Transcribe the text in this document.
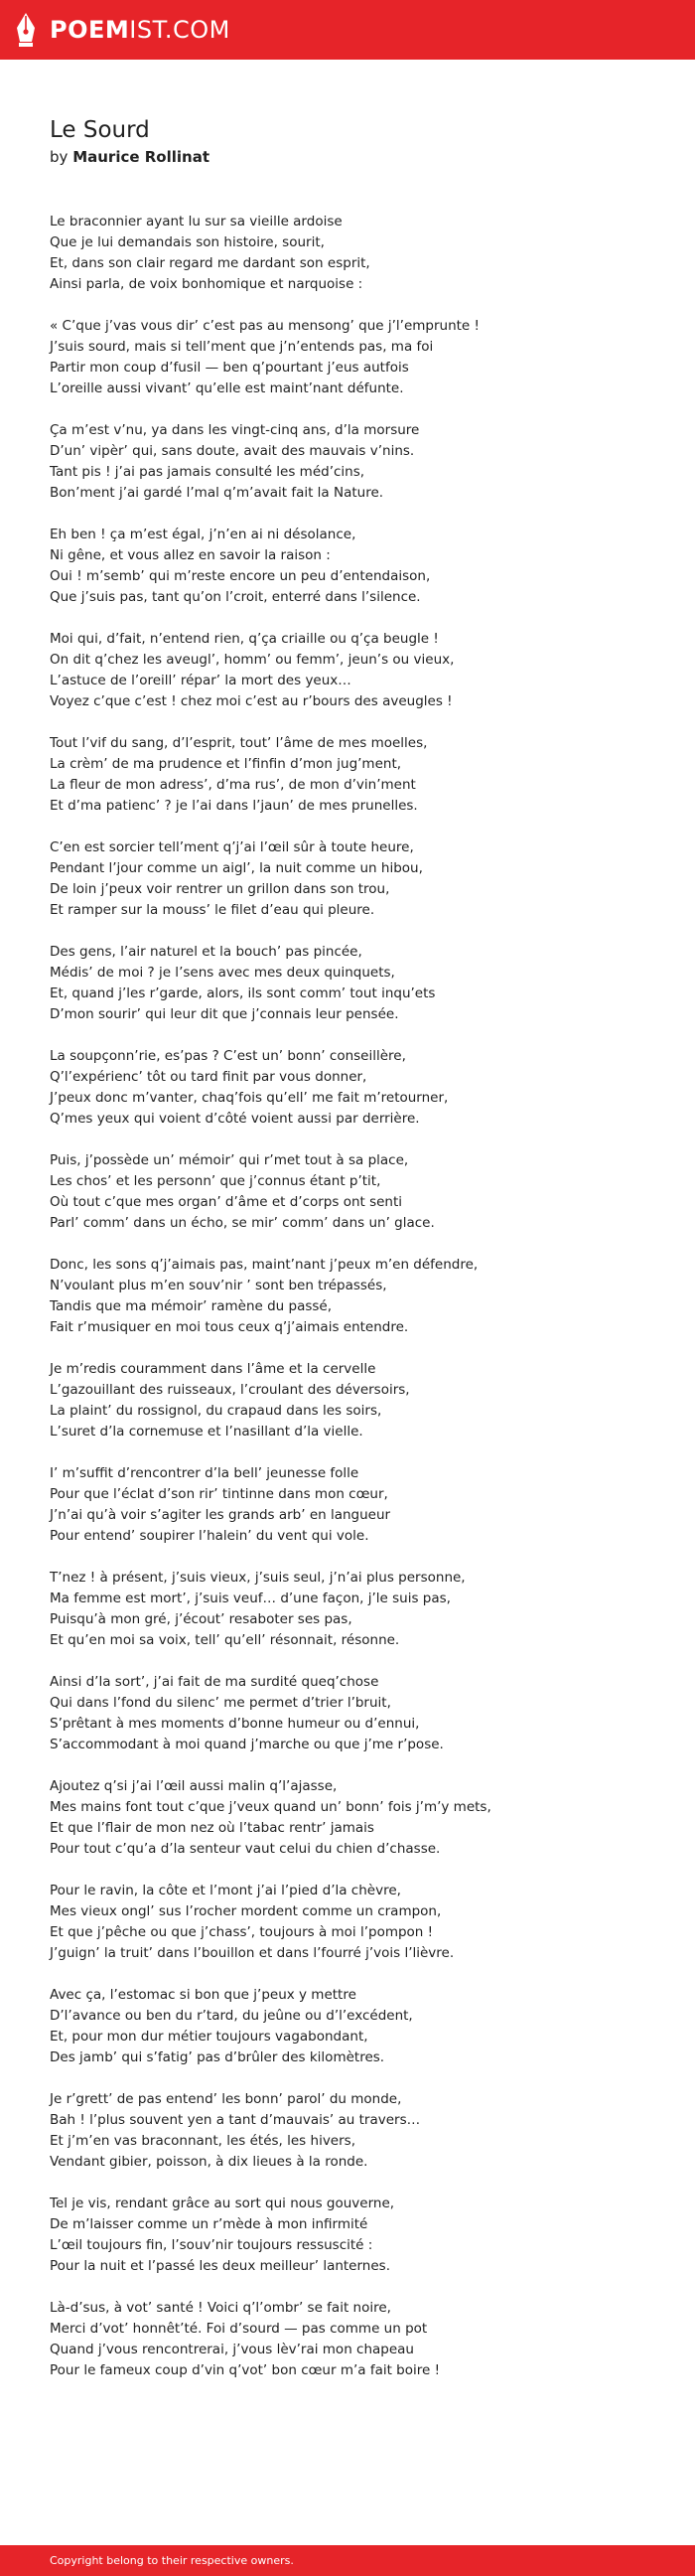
POEMIST.COM
Le Sourd
by Maurice Rollinat
Le braconnier ayant lu sur sa vieille ardoise
Que je lui demandais son histoire, sourit,
Et, dans son clair regard me dardant son esprit,
Ainsi parla, de voix bonhomique et narquoise :
« C’que j’vas vous dir’ c’est pas au mensong’ que j’l’emprunte !
J’suis sourd, mais si tell’ment que j’n’entends pas, ma foi
Partir mon coup d’fusil — ben q’pourtant j’eus autfois
L’oreille aussi vivant’ qu’elle est maint’nant défunte.
Ça m’est v’nu, ya dans les vingt-cinq ans, d’la morsure
D’un’ vipèr’ qui, sans doute, avait des mauvais v’nins.
Tant pis ! j’ai pas jamais consulté les méd’cins,
Bon’ment j’ai gardé l’mal q’m’avait fait la Nature.
Eh ben ! ça m’est égal, j’n’en ai ni désolance,
Ni gêne, et vous allez en savoir la raison :
Oui ! m’semb’ qui m’reste encore un peu d’entendaison,
Que j’suis pas, tant qu’on l’croit, enterré dans l’silence.
Moi qui, d’fait, n’entend rien, q’ça criaille ou q’ça beugle !
On dit q’chez les aveugl’, homm’ ou femm’, jeun’s ou vieux,
L’astuce de l’oreill’ répar’ la mort des yeux…
Voyez c’que c’est ! chez moi c’est au r’bours des aveugles !
Tout l’vif du sang, d’l’esprit, tout’ l’âme de mes moelles,
La crèm’ de ma prudence et l’finfin d’mon jug’ment,
La fleur de mon adress’, d’ma rus’, de mon d’vin’ment
Et d’ma patienc’ ? je l’ai dans l’jaun’ de mes prunelles.
C’en est sorcier tell’ment q’j’ai l’œil sûr à toute heure,
Pendant l’jour comme un aigl’, la nuit comme un hibou,
De loin j’peux voir rentrer un grillon dans son trou,
Et ramper sur la mouss’ le filet d’eau qui pleure.
Des gens, l’air naturel et la bouch’ pas pincée,
Médis’ de moi ? je l’sens avec mes deux quinquets,
Et, quand j’les r’garde, alors, ils sont comm’ tout inqu’ets
D’mon sourir’ qui leur dit que j’connais leur pensée.
La soupçonn’rie, es’pas ? C’est un’ bonn’ conseillère,
Q’l’expérienc’ tôt ou tard finit par vous donner,
J’peux donc m’vanter, chaq’fois qu’ell’ me fait m’retourner,
Q’mes yeux qui voient d’côté voient aussi par derrière.
Puis, j’possède un’ mémoir’ qui r’met tout à sa place,
Les chos’ et les personn’ que j’connus étant p’tit,
Où tout c’que mes organ’ d’âme et d’corps ont senti
Parl’ comm’ dans un écho, se mir’ comm’ dans un’ glace.
Donc, les sons q’j’aimais pas, maint’nant j’peux m’en défendre,
N’voulant plus m’en souv’nir ’ sont ben trépassés,
Tandis que ma mémoir’ ramène du passé,
Fait r’musiquer en moi tous ceux q’j’aimais entendre.
Je m’redis couramment dans l’âme et la cervelle
L’gazouillant des ruisseaux, l’croulant des déversoirs,
La plaint’ du rossignol, du crapaud dans les soirs,
L’suret d’la cornemuse et l’nasillant d’la vielle.
I’ m’suffit d’rencontrer d’la bell’ jeunesse folle
Pour que l’éclat d’son rir’ tintinne dans mon cœur,
J’n’ai qu’à voir s’agiter les grands arb’ en langueur
Pour entend’ soupirer l’halein’ du vent qui vole.
T’nez ! à présent, j’suis vieux, j’suis seul, j’n’ai plus personne,
Ma femme est mort’, j’suis veuf… d’une façon, j’le suis pas,
Puisqu’à mon gré, j’écout’ resaboter ses pas,
Et qu’en moi sa voix, tell’ qu’ell’ résonnait, résonne.
Ainsi d’la sort’, j’ai fait de ma surdité queq’chose
Qui dans l’fond du silenc’ me permet d’trier l’bruit,
S’prêtant à mes moments d’bonne humeur ou d’ennui,
S’accommodant à moi quand j’marche ou que j’me r’pose.
Ajoutez q’si j’ai l’œil aussi malin q’l’ajasse,
Mes mains font tout c’que j’veux quand un’ bonn’ fois j’m’y mets,
Et que l’flair de mon nez où l’tabac rentr’ jamais
Pour tout c’qu’a d’la senteur vaut celui du chien d’chasse.
Pour le ravin, la côte et l’mont j’ai l’pied d’la chèvre,
Mes vieux ongl’ sus l’rocher mordent comme un crampon,
Et que j’pêche ou que j’chass’, toujours à moi l’pompon !
J’guign’ la truit’ dans l’bouillon et dans l’fourré j’vois l’lièvre.
Avec ça, l’estomac si bon que j’peux y mettre
D’l’avance ou ben du r’tard, du jeûne ou d’l’excédent,
Et, pour mon dur métier toujours vagabondant,
Des jamb’ qui s’fatig’ pas d’brûler des kilomètres.
Je r’grett’ de pas entend’ les bonn’ parol’ du monde,
Bah ! l’plus souvent yen a tant d’mauvais’ au travers…
Et j’m’en vas braconnant, les étés, les hivers,
Vendant gibier, poisson, à dix lieues à la ronde.
Tel je vis, rendant grâce au sort qui nous gouverne,
De m’laisser comme un r’mède à mon infirmité
L’œil toujours fin, l’souv’nir toujours ressuscité :
Pour la nuit et l’passé les deux meilleur’ lanternes.
Là-d’sus, à vot’ santé ! Voici q’l’ombr’ se fait noire,
Merci d’vot’ honnêt’té. Foi d’sourd — pas comme un pot
Quand j’vous rencontrerai, j’vous lèv’rai mon chapeau
Pour le fameux coup d’vin q’vot’ bon cœur m’a fait boire !
Copyright belong to their respective owners.
